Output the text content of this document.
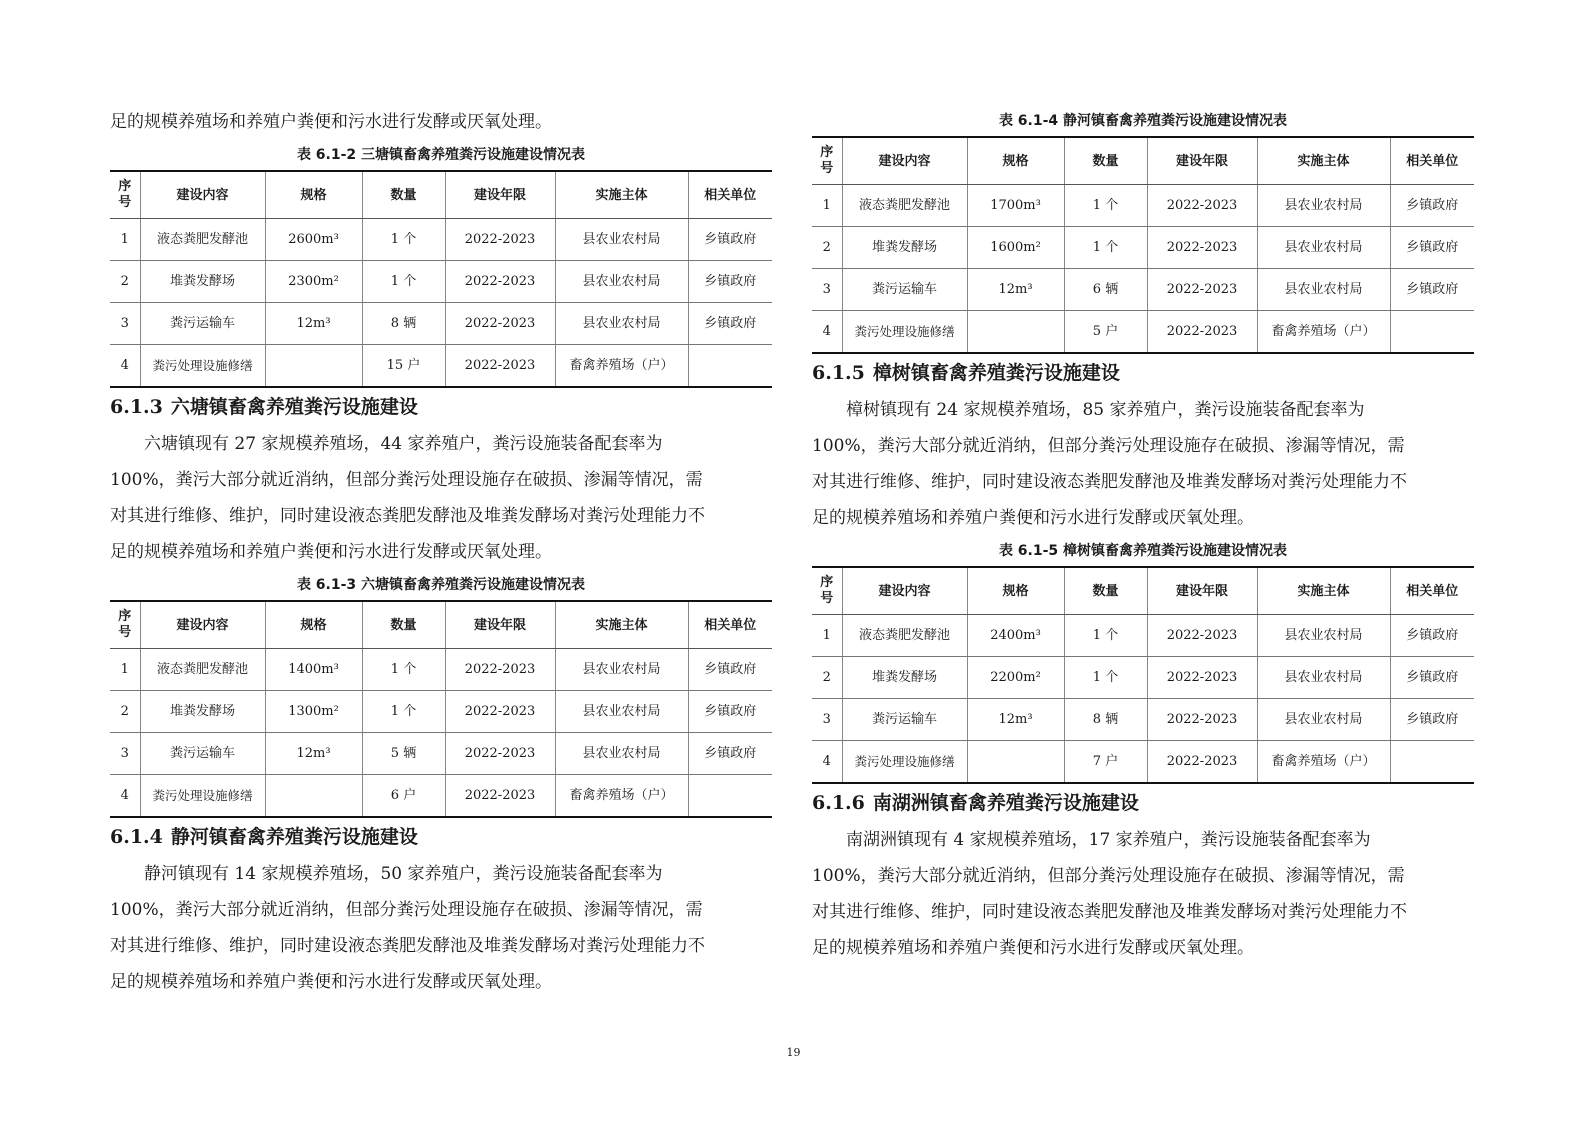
足的规模养殖场和养殖户粪便和污水进行发酵或厌氧处理。

表 6.1-2 三塘镇畜禽养殖粪污设施建设情况表
序号	建设内容	规格	数量	建设年限	实施主体	相关单位
1	液态粪肥发酵池	2600m³	1 个	2022-2023	县农业农村局	乡镇政府
2	堆粪发酵场	2300m²	1 个	2022-2023	县农业农村局	乡镇政府
3	粪污运输车	12m³	8 辆	2022-2023	县农业农村局	乡镇政府
4	粪污处理设施修缮		15 户	2022-2023	畜禽养殖场（户）	
6.1.3 六塘镇畜禽养殖粪污设施建设

六塘镇现有 27 家规模养殖场，44 家养殖户，粪污设施装备配套率为

100%，粪污大部分就近消纳，但部分粪污处理设施存在破损、渗漏等情况，需

对其进行维修、维护，同时建设液态粪肥发酵池及堆粪发酵场对粪污处理能力不

足的规模养殖场和养殖户粪便和污水进行发酵或厌氧处理。

表 6.1-3 六塘镇畜禽养殖粪污设施建设情况表
序号	建设内容	规格	数量	建设年限	实施主体	相关单位
1	液态粪肥发酵池	1400m³	1 个	2022-2023	县农业农村局	乡镇政府
2	堆粪发酵场	1300m²	1 个	2022-2023	县农业农村局	乡镇政府
3	粪污运输车	12m³	5 辆	2022-2023	县农业农村局	乡镇政府
4	粪污处理设施修缮		6 户	2022-2023	畜禽养殖场（户）	
6.1.4 静河镇畜禽养殖粪污设施建设

静河镇现有 14 家规模养殖场，50 家养殖户，粪污设施装备配套率为

100%，粪污大部分就近消纳，但部分粪污处理设施存在破损、渗漏等情况，需

对其进行维修、维护，同时建设液态粪肥发酵池及堆粪发酵场对粪污处理能力不

足的规模养殖场和养殖户粪便和污水进行发酵或厌氧处理。

表 6.1-4 静河镇畜禽养殖粪污设施建设情况表
序号	建设内容	规格	数量	建设年限	实施主体	相关单位
1	液态粪肥发酵池	1700m³	1 个	2022-2023	县农业农村局	乡镇政府
2	堆粪发酵场	1600m²	1 个	2022-2023	县农业农村局	乡镇政府
3	粪污运输车	12m³	6 辆	2022-2023	县农业农村局	乡镇政府
4	粪污处理设施修缮		5 户	2022-2023	畜禽养殖场（户）	
6.1.5 樟树镇畜禽养殖粪污设施建设

樟树镇现有 24 家规模养殖场，85 家养殖户，粪污设施装备配套率为

100%，粪污大部分就近消纳，但部分粪污处理设施存在破损、渗漏等情况，需

对其进行维修、维护，同时建设液态粪肥发酵池及堆粪发酵场对粪污处理能力不

足的规模养殖场和养殖户粪便和污水进行发酵或厌氧处理。

表 6.1-5 樟树镇畜禽养殖粪污设施建设情况表
序号	建设内容	规格	数量	建设年限	实施主体	相关单位
1	液态粪肥发酵池	2400m³	1 个	2022-2023	县农业农村局	乡镇政府
2	堆粪发酵场	2200m²	1 个	2022-2023	县农业农村局	乡镇政府
3	粪污运输车	12m³	8 辆	2022-2023	县农业农村局	乡镇政府
4	粪污处理设施修缮		7 户	2022-2023	畜禽养殖场（户）	
6.1.6 南湖洲镇畜禽养殖粪污设施建设

南湖洲镇现有 4 家规模养殖场，17 家养殖户，粪污设施装备配套率为

100%，粪污大部分就近消纳，但部分粪污处理设施存在破损、渗漏等情况，需

对其进行维修、维护，同时建设液态粪肥发酵池及堆粪发酵场对粪污处理能力不

足的规模养殖场和养殖户粪便和污水进行发酵或厌氧处理。

19
